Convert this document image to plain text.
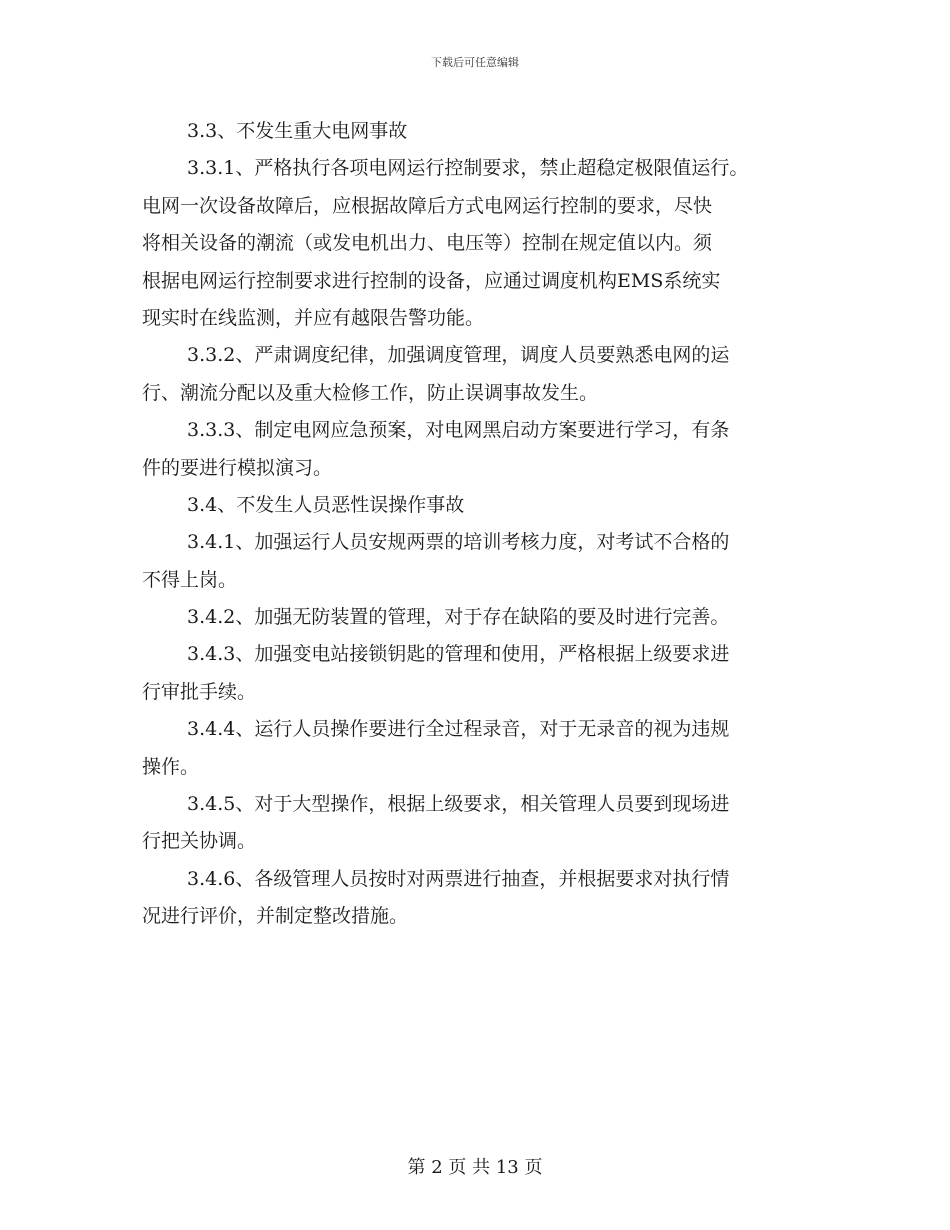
下载后可任意编辑
3.3、不发生重大电网事故
3.3.1、严格执行各项电网运行控制要求，禁止超稳定极限值运行。
电网一次设备故障后，应根据故障后方式电网运行控制的要求，尽快
将相关设备的潮流（或发电机出力、电压等）控制在规定值以内。须
根据电网运行控制要求进行控制的设备，应通过调度机构EMS系统实
现实时在线监测，并应有越限告警功能。
3.3.2、严肃调度纪律，加强调度管理，调度人员要熟悉电网的运
行、潮流分配以及重大检修工作，防止误调事故发生。
3.3.3、制定电网应急预案，对电网黑启动方案要进行学习，有条
件的要进行模拟演习。
3.4、不发生人员恶性误操作事故
3.4.1、加强运行人员安规两票的培训考核力度，对考试不合格的
不得上岗。
3.4.2、加强无防装置的管理，对于存在缺陷的要及时进行完善。
3.4.3、加强变电站接锁钥匙的管理和使用，严格根据上级要求进
行审批手续。
3.4.4、运行人员操作要进行全过程录音，对于无录音的视为违规
操作。
3.4.5、对于大型操作，根据上级要求，相关管理人员要到现场进
行把关协调。
3.4.6、各级管理人员按时对两票进行抽查，并根据要求对执行情
况进行评价，并制定整改措施。
第 2 页 共 13 页
